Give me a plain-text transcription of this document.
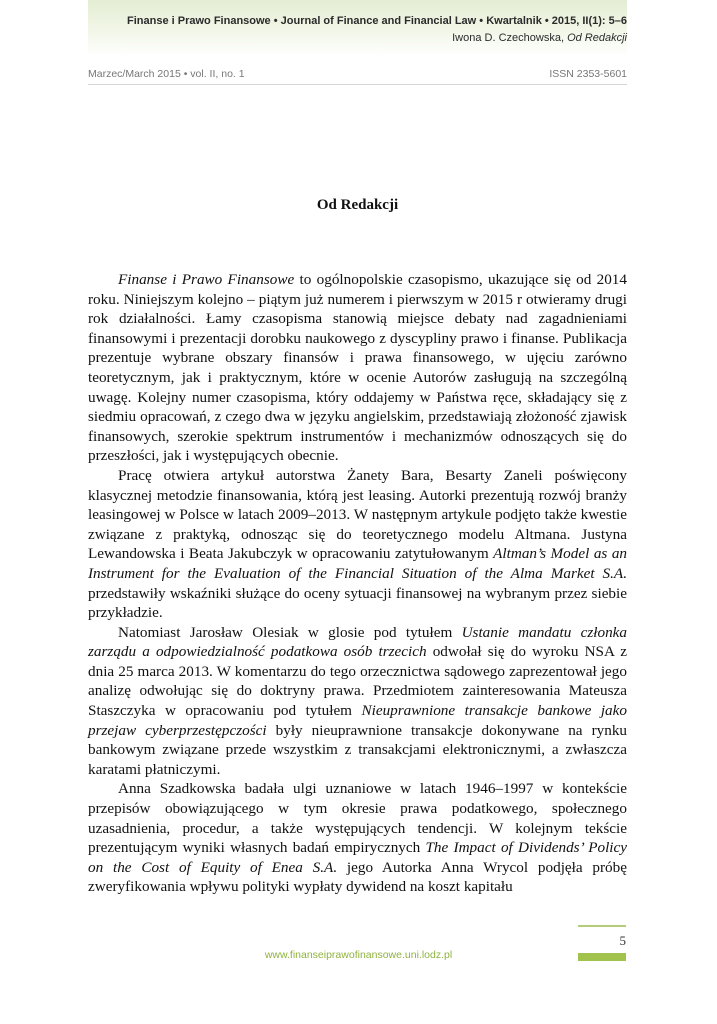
Finanse i Prawo Finansowe • Journal of Finance and Financial Law • Kwartalnik • 2015, II(1): 5–6
Iwona D. Czechowska, Od Redakcji
Marzec/March 2015 • vol. II, no. 1	ISSN 2353-5601
Od Redakcji

Finanse i Prawo Finansowe to ogólnopolskie czasopismo, ukazujące się od 2014 roku. Niniejszym kolejno – piątym już numerem i pierwszym w 2015 r otwieramy drugi rok działalności. Łamy czasopisma stanowią miejsce debaty nad zagadnieniami finansowymi i prezentacji dorobku naukowego z dyscypliny prawo i finanse. Publikacja prezentuje wybrane obszary finansów i prawa finansowego, w ujęciu zarówno teoretycznym, jak i praktycznym, które w ocenie Autorów zasługują na szczególną uwagę. Kolejny numer czasopisma, który oddajemy w Państwa ręce, składający się z siedmiu opracowań, z czego dwa w języku angielskim, przedstawiają złożoność zjawisk finansowych, szerokie spektrum instrumentów i mechanizmów odnoszących się do przeszłości, jak i występujących obecnie.

Pracę otwiera artykuł autorstwa Żanety Bara, Besarty Zaneli poświęcony klasycznej metodzie finansowania, którą jest leasing. Autorki prezentują rozwój branży leasingowej w Polsce w latach 2009–2013. W następnym artykule podjęto także kwestie związane z praktyką, odnosząc się do teoretycznego modelu Altmana. Justyna Lewandowska i Beata Jakubczyk w opracowaniu zatytułowanym Altman’s Model as an Instrument for the Evaluation of the Financial Situation of the Alma Market S.A. przedstawiły wskaźniki służące do oceny sytuacji finansowej na wybranym przez siebie przykładzie.

Natomiast Jarosław Olesiak w glosie pod tytułem Ustanie mandatu członka zarządu a odpowiedzialność podatkowa osób trzecich odwołał się do wyroku NSA z dnia 25 marca 2013. W komentarzu do tego orzecznictwa sądowego zaprezentował jego analizę odwołując się do doktryny prawa. Przedmiotem zainteresowania Mateusza Staszczyka w opracowaniu pod tytułem Nieuprawnione transakcje bankowe jako przejaw cyberprzestępczości były nieuprawnione transakcje dokonywane na rynku bankowym związane przede wszystkim z transakcjami elektronicznymi, a zwłaszcza karatami płatniczymi.

Anna Szadkowska badała ulgi uznaniowe w latach 1946–1997 w kontekście przepisów obowiązującego w tym okresie prawa podatkowego, społecznego uzasadnienia, procedur, a także występujących tendencji. W kolejnym tekście prezentującym wyniki własnych badań empirycznych The Impact of Dividends’ Policy on the Cost of Equity of Enea S.A. jego Autorka Anna Wrycol podjęła próbę zweryfikowania wpływu polityki wypłaty dywidend na koszt kapitału

5
www.finanseiprawofinansowe.uni.lodz.pl
